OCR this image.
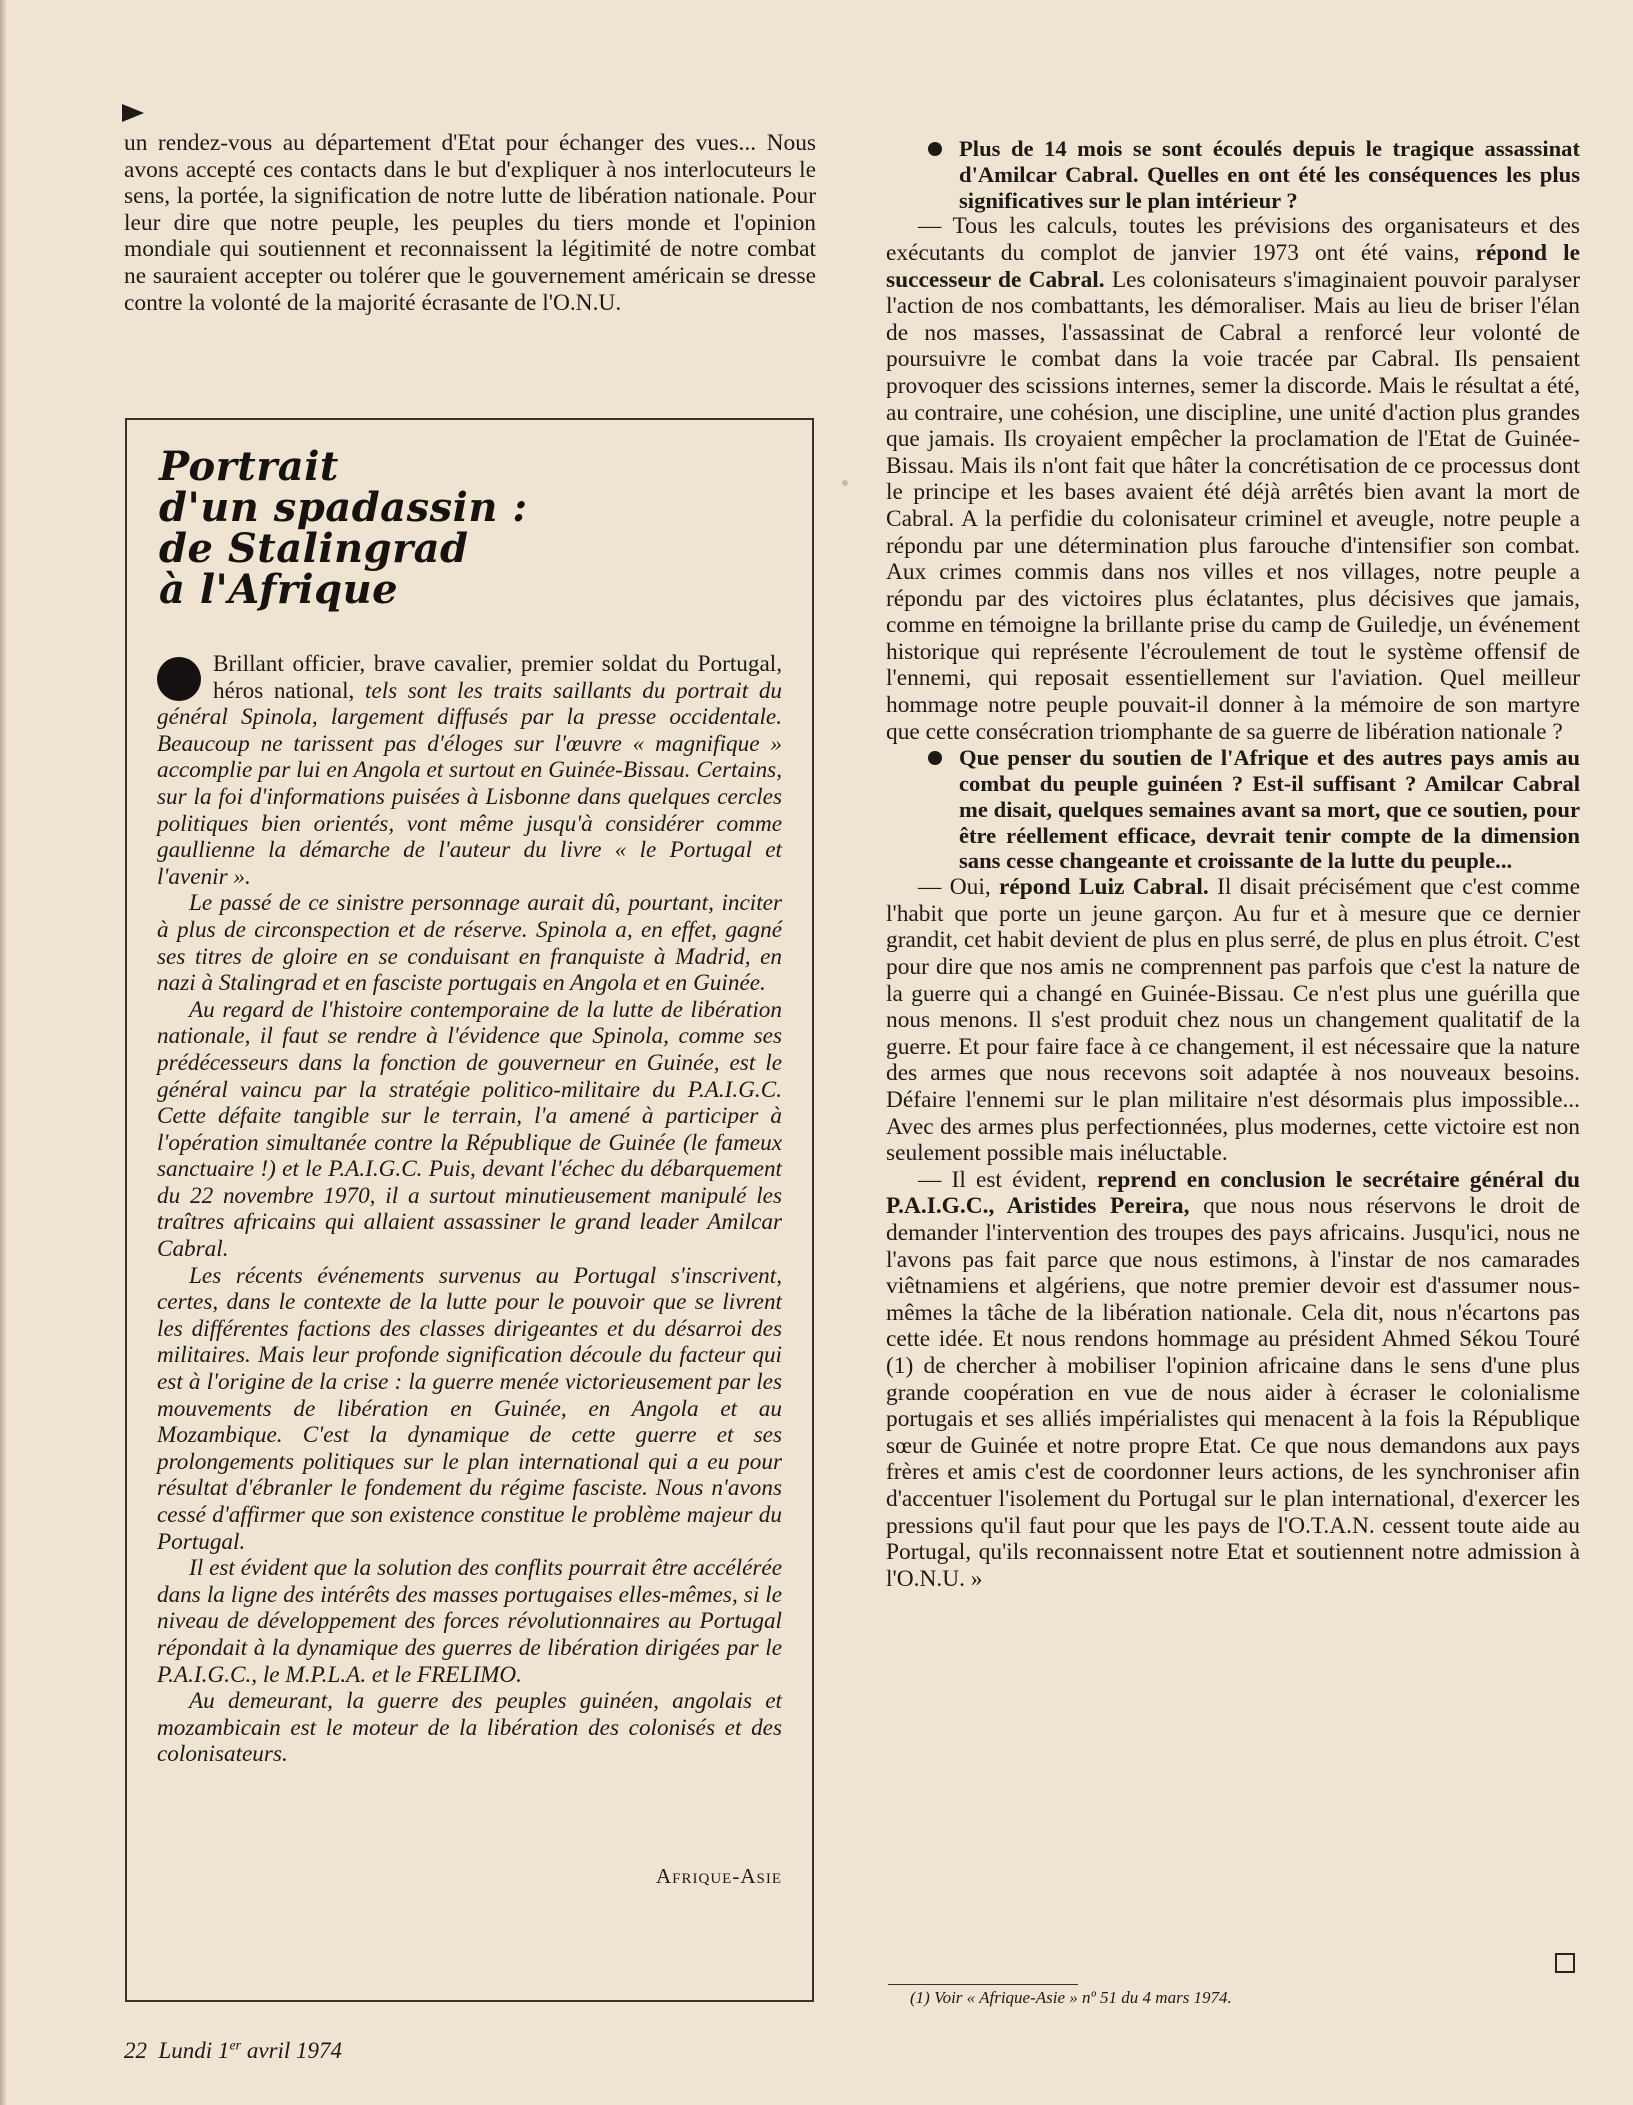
un rendez-vous au département d'Etat pour échanger des vues... Nous avons accepté ces contacts dans le but d'expliquer à nos interlocuteurs le sens, la portée, la signification de notre lutte de libération nationale. Pour leur dire que notre peuple, les peuples du tiers monde et l'opinion mondiale qui soutiennent et reconnaissent la légitimité de notre combat ne sauraient accepter ou tolérer que le gouvernement américain se dresse contre la volonté de la majorité écrasante de l'O.N.U.

Portrait
d'un spadassin :
de Stalingrad
à l'Afrique

Brillant officier, brave cavalier, premier soldat du Portugal, héros national, tels sont les traits saillants du portrait du général Spinola, largement diffusés par la presse occidentale. Beaucoup ne tarissent pas d'éloges sur l'œuvre « magnifique » accomplie par lui en Angola et surtout en Guinée-Bissau. Certains, sur la foi d'informations puisées à Lisbonne dans quelques cercles politiques bien orientés, vont même jusqu'à considérer comme gaullienne la démarche de l'auteur du livre « le Portugal et l'avenir ».

Le passé de ce sinistre personnage aurait dû, pourtant, inciter à plus de circonspection et de réserve. Spinola a, en effet, gagné ses titres de gloire en se conduisant en franquiste à Madrid, en nazi à Stalingrad et en fasciste portugais en Angola et en Guinée.

Au regard de l'histoire contemporaine de la lutte de libération nationale, il faut se rendre à l'évidence que Spinola, comme ses prédécesseurs dans la fonction de gouverneur en Guinée, est le général vaincu par la stratégie politico-militaire du P.A.I.G.C. Cette défaite tangible sur le terrain, l'a amené à participer à l'opération simultanée contre la République de Guinée (le fameux sanctuaire !) et le P.A.I.G.C. Puis, devant l'échec du débarquement du 22 novembre 1970, il a surtout minutieusement manipulé les traîtres africains qui allaient assassiner le grand leader Amilcar Cabral.

Les récents événements survenus au Portugal s'inscrivent, certes, dans le contexte de la lutte pour le pouvoir que se livrent les différentes factions des classes dirigeantes et du désarroi des militaires. Mais leur profonde signification découle du facteur qui est à l'origine de la crise : la guerre menée victorieusement par les mouvements de libération en Guinée, en Angola et au Mozambique. C'est la dynamique de cette guerre et ses prolongements politiques sur le plan international qui a eu pour résultat d'ébranler le fondement du régime fasciste. Nous n'avons cessé d'affirmer que son existence constitue le problème majeur du Portugal.

Il est évident que la solution des conflits pourrait être accélérée dans la ligne des intérêts des masses portugaises elles-mêmes, si le niveau de développement des forces révolutionnaires au Portugal répondait à la dynamique des guerres de libération dirigées par le P.A.I.G.C., le M.P.L.A. et le FRELIMO.

Au demeurant, la guerre des peuples guinéen, angolais et mozambicain est le moteur de la libération des colonisés et des colonisateurs.

Afrique-Asie

Plus de 14 mois se sont écoulés depuis le tragique assassinat d'Amilcar Cabral. Quelles en ont été les conséquences les plus significatives sur le plan intérieur ?

— Tous les calculs, toutes les prévisions des organisateurs et des exécutants du complot de janvier 1973 ont été vains, répond le successeur de Cabral. Les colonisateurs s'imaginaient pouvoir paralyser l'action de nos combattants, les démoraliser. Mais au lieu de briser l'élan de nos masses, l'assassinat de Cabral a renforcé leur volonté de poursuivre le combat dans la voie tracée par Cabral. Ils pensaient provoquer des scissions internes, semer la discorde. Mais le résultat a été, au contraire, une cohésion, une discipline, une unité d'action plus grandes que jamais. Ils croyaient empêcher la proclamation de l'Etat de Guinée-Bissau. Mais ils n'ont fait que hâter la concrétisation de ce processus dont le principe et les bases avaient été déjà arrêtés bien avant la mort de Cabral. A la perfidie du colonisateur criminel et aveugle, notre peuple a répondu par une détermination plus farouche d'intensifier son combat. Aux crimes commis dans nos villes et nos villages, notre peuple a répondu par des victoires plus éclatantes, plus décisives que jamais, comme en témoigne la brillante prise du camp de Guiledje, un événement historique qui représente l'écroulement de tout le système offensif de l'ennemi, qui reposait essentiellement sur l'aviation. Quel meilleur hommage notre peuple pouvait-il donner à la mémoire de son martyre que cette consécration triomphante de sa guerre de libération nationale ?

Que penser du soutien de l'Afrique et des autres pays amis au combat du peuple guinéen ? Est-il suffisant ? Amilcar Cabral me disait, quelques semaines avant sa mort, que ce soutien, pour être réellement efficace, devrait tenir compte de la dimension sans cesse changeante et croissante de la lutte du peuple...

— Oui, répond Luiz Cabral. Il disait précisément que c'est comme l'habit que porte un jeune garçon. Au fur et à mesure que ce dernier grandit, cet habit devient de plus en plus serré, de plus en plus étroit. C'est pour dire que nos amis ne comprennent pas parfois que c'est la nature de la guerre qui a changé en Guinée-Bissau. Ce n'est plus une guérilla que nous menons. Il s'est produit chez nous un changement qualitatif de la guerre. Et pour faire face à ce changement, il est nécessaire que la nature des armes que nous recevons soit adaptée à nos nouveaux besoins. Défaire l'ennemi sur le plan militaire n'est désormais plus impossible... Avec des armes plus perfectionnées, plus modernes, cette victoire est non seulement possible mais inéluctable.

— Il est évident, reprend en conclusion le secrétaire général du P.A.I.G.C., Aristides Pereira, que nous nous réservons le droit de demander l'intervention des troupes des pays africains. Jusqu'ici, nous ne l'avons pas fait parce que nous estimons, à l'instar de nos camarades viêtnamiens et algériens, que notre premier devoir est d'assumer nous-mêmes la tâche de la libération nationale. Cela dit, nous n'écartons pas cette idée. Et nous rendons hommage au président Ahmed Sékou Touré (1) de chercher à mobiliser l'opinion africaine dans le sens d'une plus grande coopération en vue de nous aider à écraser le colonialisme portugais et ses alliés impérialistes qui menacent à la fois la République sœur de Guinée et notre propre Etat. Ce que nous demandons aux pays frères et amis c'est de coordonner leurs actions, de les synchroniser afin d'accentuer l'isolement du Portugal sur le plan international, d'exercer les pressions qu'il faut pour que les pays de l'O.T.A.N. cessent toute aide au Portugal, qu'ils reconnaissent notre Etat et soutiennent notre admission à l'O.N.U. »

(1) Voir « Afrique-Asie » nº 51 du 4 mars 1974.
22 Lundi 1er avril 1974
